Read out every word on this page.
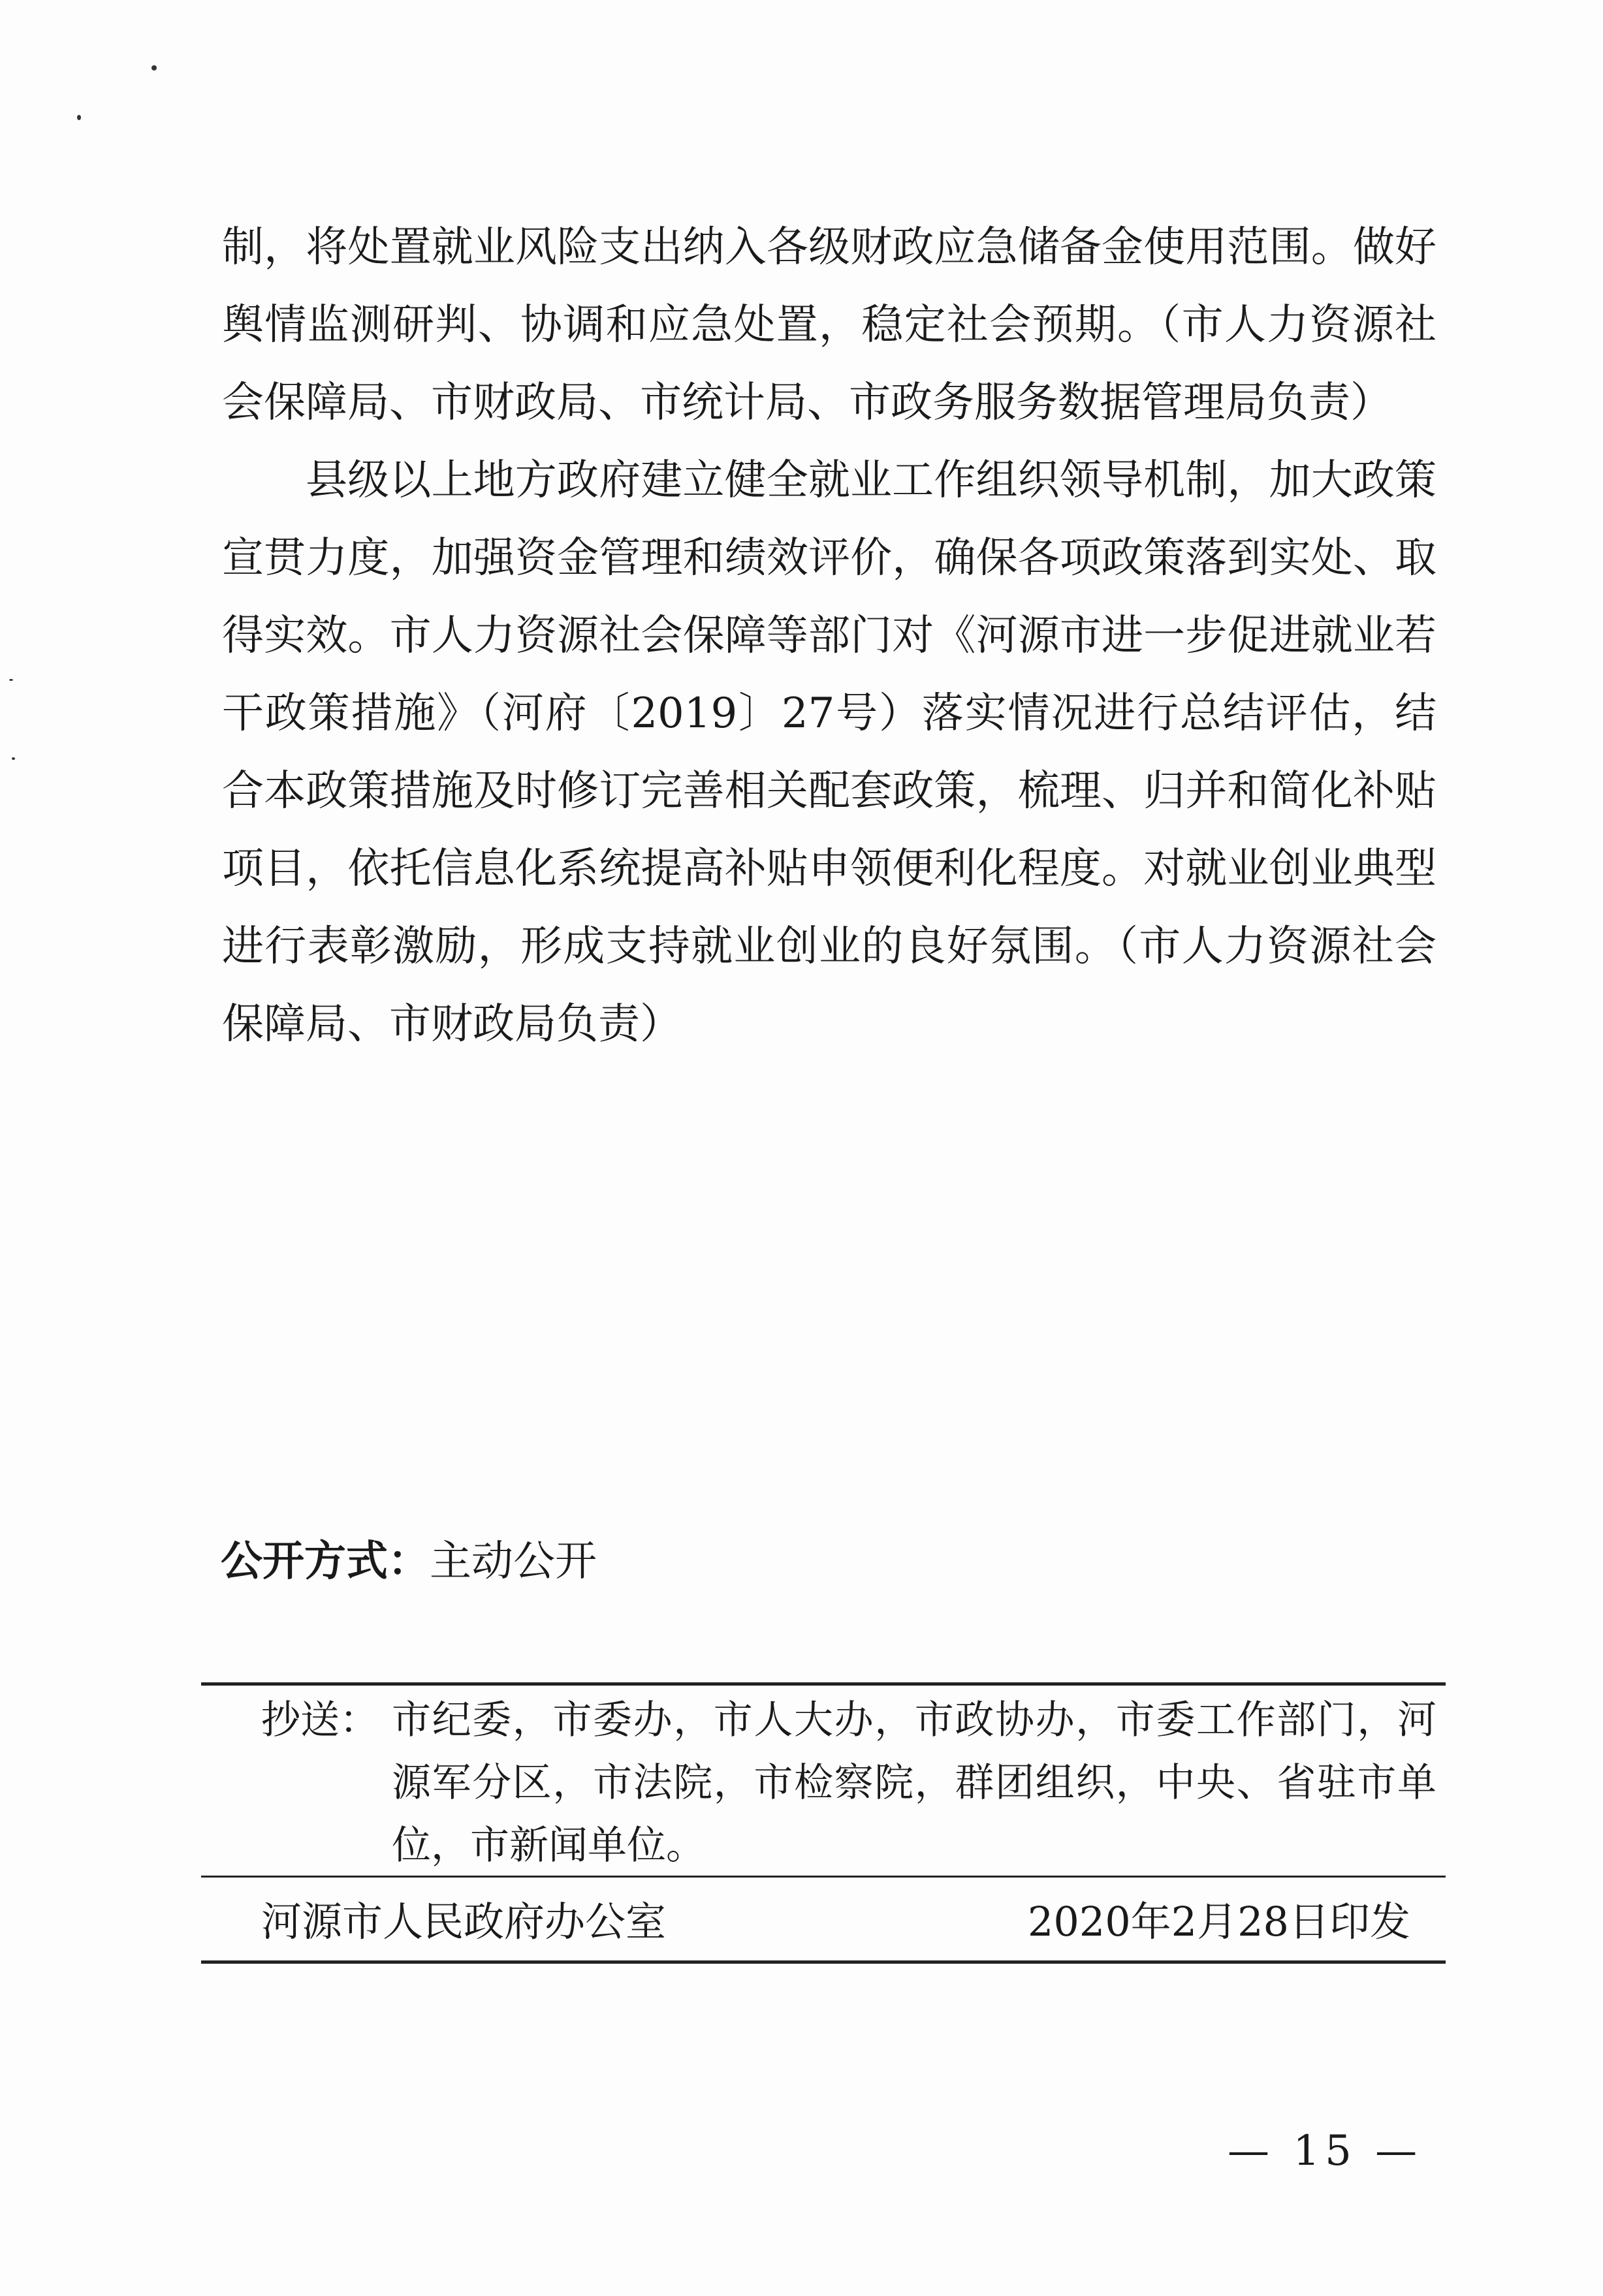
制，将处置就业风险支出纳入各级财政应急储备金使用范围。做好舆情监测研判、协调和应急处置，稳定社会预期。（市人力资源社会保障局、市财政局、市统计局、市政务服务数据管理局负责）

县级以上地方政府建立健全就业工作组织领导机制，加大政策宣贯力度，加强资金管理和绩效评价，确保各项政策落到实处、取得实效。市人力资源社会保障等部门对《河源市进一步促进就业若干政策措施》（河府〔2019〕27号）落实情况进行总结评估，结合本政策措施及时修订完善相关配套政策，梳理、归并和简化补贴项目，依托信息化系统提高补贴申领便利化程度。对就业创业典型进行表彰激励，形成支持就业创业的良好氛围。（市人力资源社会保障局、市财政局负责）

公开方式：主动公开
抄送： 市纪委，市委办，市人大办，市政协办，市委工作部门，河源军分区，市法院，市检察院，群团组织，中央、省驻市单位，市新闻单位。
河源市人民政府办公室	2020年2月28日印发
— 15 —
